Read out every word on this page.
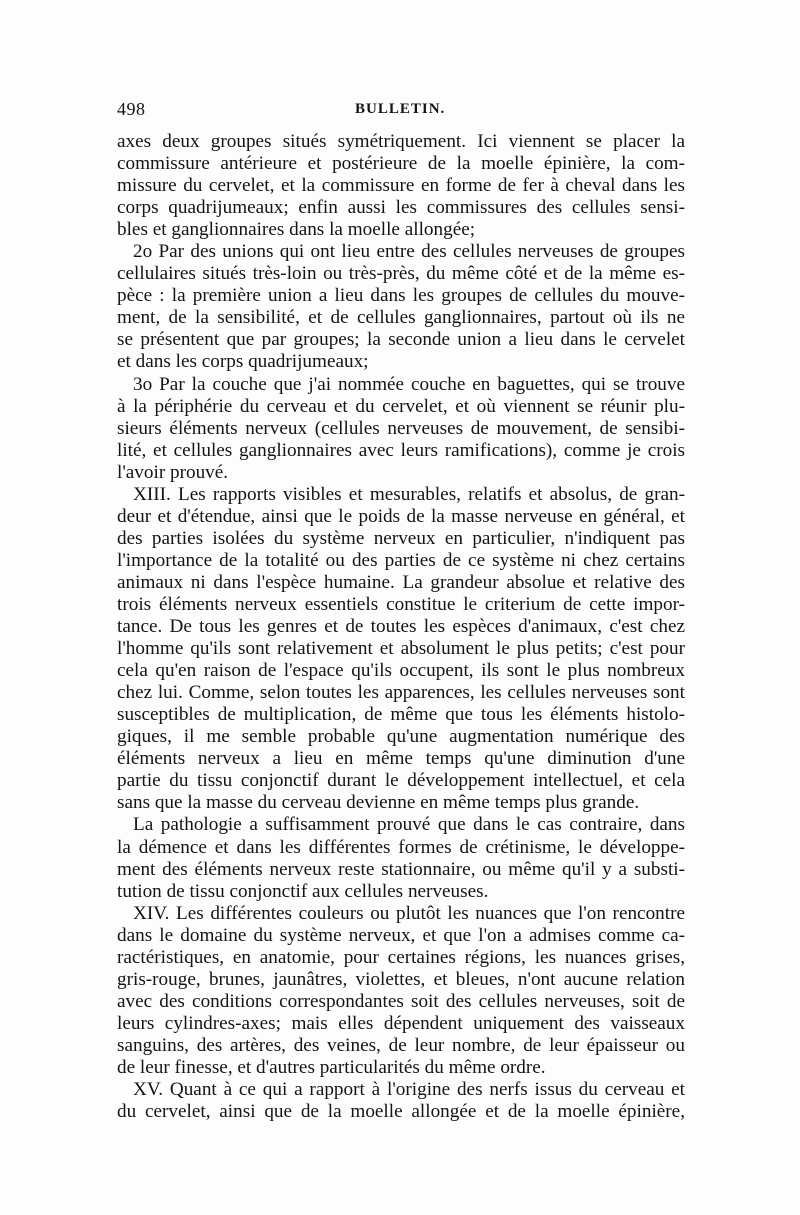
498	BULLETIN.
axes deux groupes situés symétriquement. Ici viennent se placer la
commissure antérieure et postérieure de la moelle épinière, la com-
missure du cervelet, et la commissure en forme de fer à cheval dans les
corps quadrijumeaux; enfin aussi les commissures des cellules sensi-
bles et ganglionnaires dans la moelle allongée;
2o Par des unions qui ont lieu entre des cellules nerveuses de groupes
cellulaires situés très-loin ou très-près, du même côté et de la même es-
pèce : la première union a lieu dans les groupes de cellules du mouve-
ment, de la sensibilité, et de cellules ganglionnaires, partout où ils ne
se présentent que par groupes; la seconde union a lieu dans le cervelet
et dans les corps quadrijumeaux;
3o Par la couche que j'ai nommée couche en baguettes, qui se trouve
à la périphérie du cerveau et du cervelet, et où viennent se réunir plu-
sieurs éléments nerveux (cellules nerveuses de mouvement, de sensibi-
lité, et cellules ganglionnaires avec leurs ramifications), comme je crois
l'avoir prouvé.
XIII. Les rapports visibles et mesurables, relatifs et absolus, de gran-
deur et d'étendue, ainsi que le poids de la masse nerveuse en général, et
des parties isolées du système nerveux en particulier, n'indiquent pas
l'importance de la totalité ou des parties de ce système ni chez certains
animaux ni dans l'espèce humaine. La grandeur absolue et relative des
trois éléments nerveux essentiels constitue le criterium de cette impor-
tance. De tous les genres et de toutes les espèces d'animaux, c'est chez
l'homme qu'ils sont relativement et absolument le plus petits; c'est pour
cela qu'en raison de l'espace qu'ils occupent, ils sont le plus nombreux
chez lui. Comme, selon toutes les apparences, les cellules nerveuses sont
susceptibles de multiplication, de même que tous les éléments histolo-
giques, il me semble probable qu'une augmentation numérique des
éléments nerveux a lieu en même temps qu'une diminution d'une
partie du tissu conjonctif durant le développement intellectuel, et cela
sans que la masse du cerveau devienne en même temps plus grande.
La pathologie a suffisamment prouvé que dans le cas contraire, dans
la démence et dans les différentes formes de crétinisme, le développe-
ment des éléments nerveux reste stationnaire, ou même qu'il y a substi-
tution de tissu conjonctif aux cellules nerveuses.
XIV. Les différentes couleurs ou plutôt les nuances que l'on rencontre
dans le domaine du système nerveux, et que l'on a admises comme ca-
ractéristiques, en anatomie, pour certaines régions, les nuances grises,
gris-rouge, brunes, jaunâtres, violettes, et bleues, n'ont aucune relation
avec des conditions correspondantes soit des cellules nerveuses, soit de
leurs cylindres-axes; mais elles dépendent uniquement des vaisseaux
sanguins, des artères, des veines, de leur nombre, de leur épaisseur ou
de leur finesse, et d'autres particularités du même ordre.
XV. Quant à ce qui a rapport à l'origine des nerfs issus du cerveau et
du cervelet, ainsi que de la moelle allongée et de la moelle épinière,
